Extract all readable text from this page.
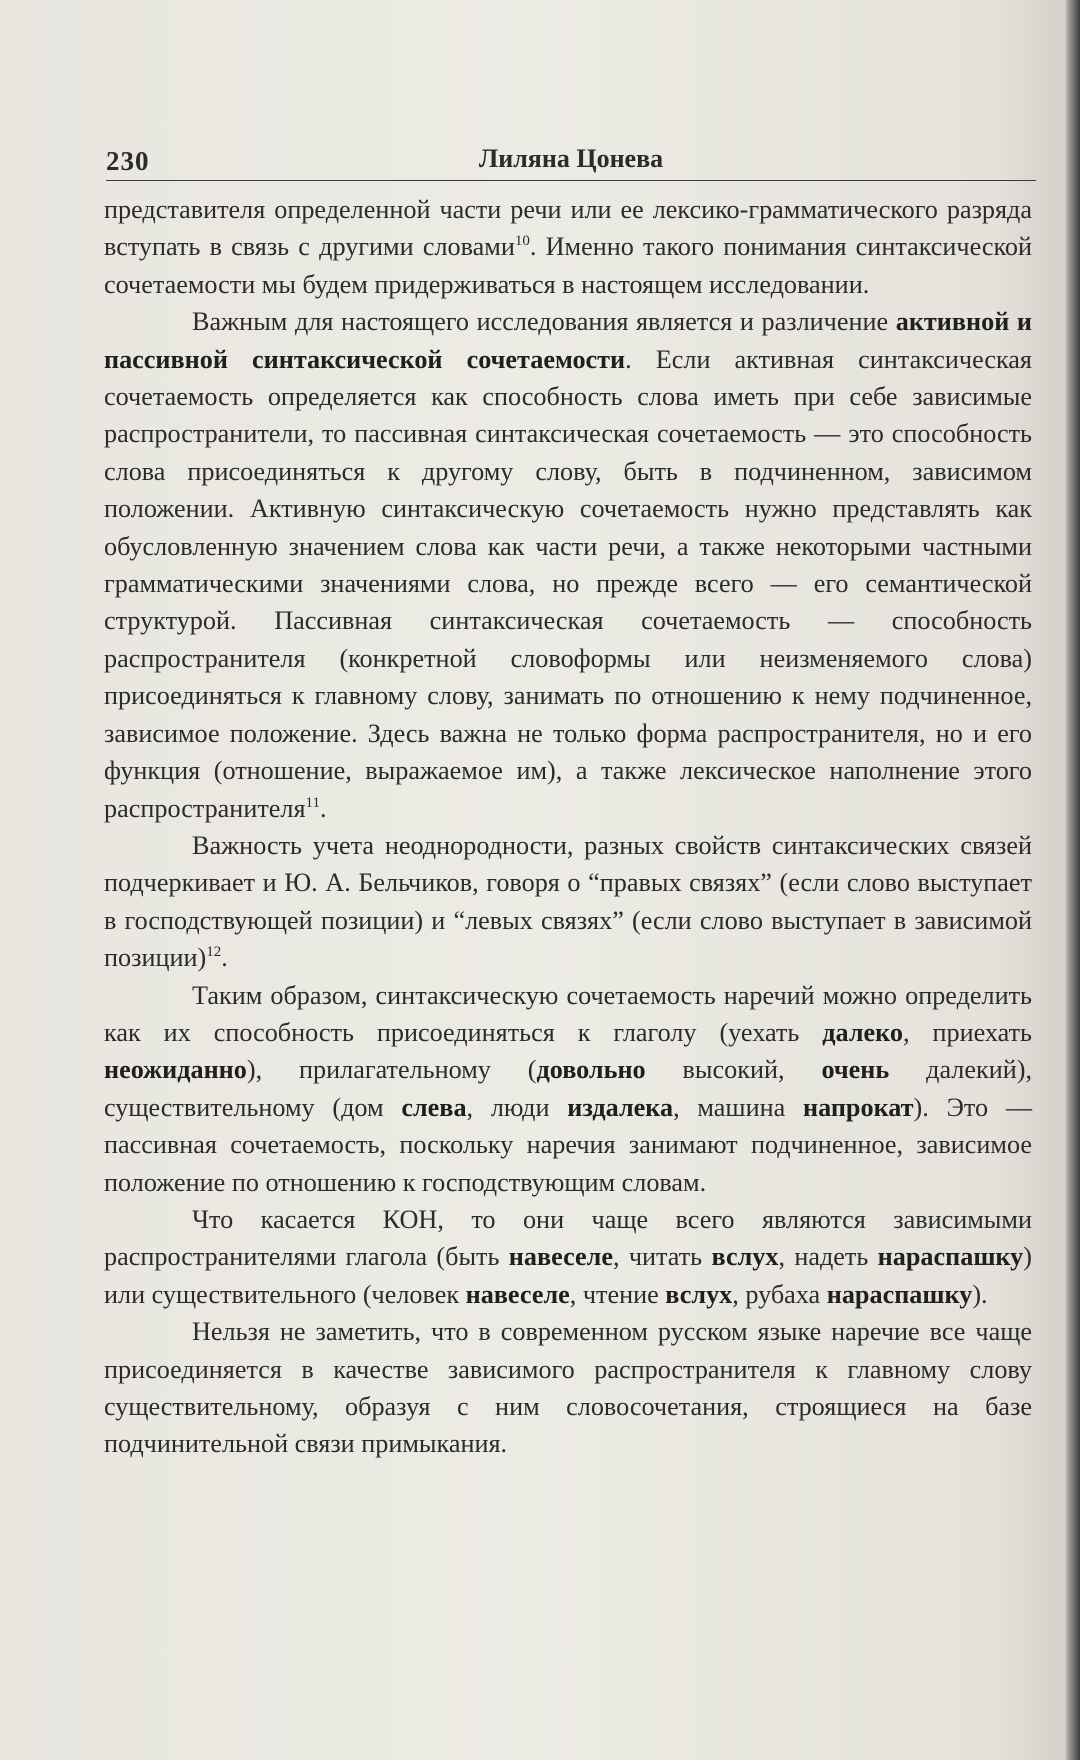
230	Лиляна Цонева

представителя определенной части речи или ее лексико-грамматического разряда вступать в связь с другими словами$^{10}$. Именно такого понимания синтаксической сочетаемости мы будем придерживаться в настоящем исследовании.

Важным для настоящего исследования является и различение активной и пассивной синтаксической сочетаемости. Если активная синтаксическая сочетаемость определяется как способность слова иметь при себе зависимые распространители, то пассивная синтаксическая сочетаемость — это способность слова присоединяться к другому слову, быть в подчиненном, зависимом положении. Активную синтаксическую сочетаемость нужно представлять как обусловленную значением слова как части речи, а также некоторыми частными грамматическими значениями слова, но прежде всего — его семантической структурой. Пассивная синтаксическая сочетаемость — способность распространителя (конкретной словоформы или неизменяемого слова) присоединяться к главному слову, занимать по отношению к нему подчиненное, зависимое положение. Здесь важна не только форма распространителя, но и его функция (отношение, выражаемое им), а также лексическое наполнение этого распространителя$^{11}$.

Важность учета неоднородности, разных свойств синтаксических связей подчеркивает и Ю. А. Бельчиков, говоря о “правых связях” (если слово выступает в господствующей позиции) и “левых связях” (если слово выступает в зависимой позиции)$^{12}$.

Таким образом, синтаксическую сочетаемость наречий можно определить как их способность присоединяться к глаголу (уехать далеко, приехать неожиданно), прилагательному (довольно высокий, очень далекий), существительному (дом слева, люди издалека, машина напрокат). Это — пассивная сочетаемость, поскольку наречия занимают подчиненное, зависимое положение по отношению к господствующим словам.

Что касается КОН, то они чаще всего являются зависимыми распространителями глагола (быть навеселе, читать вслух, надеть нараспашку) или существительного (человек навеселе, чтение вслух, рубаха нараспашку).

Нельзя не заметить, что в современном русском языке наречие все чаще присоединяется в качестве зависимого распространителя к главному слову существительному, образуя с ним словосочетания, строящиеся на базе подчинительной связи примыкания.
